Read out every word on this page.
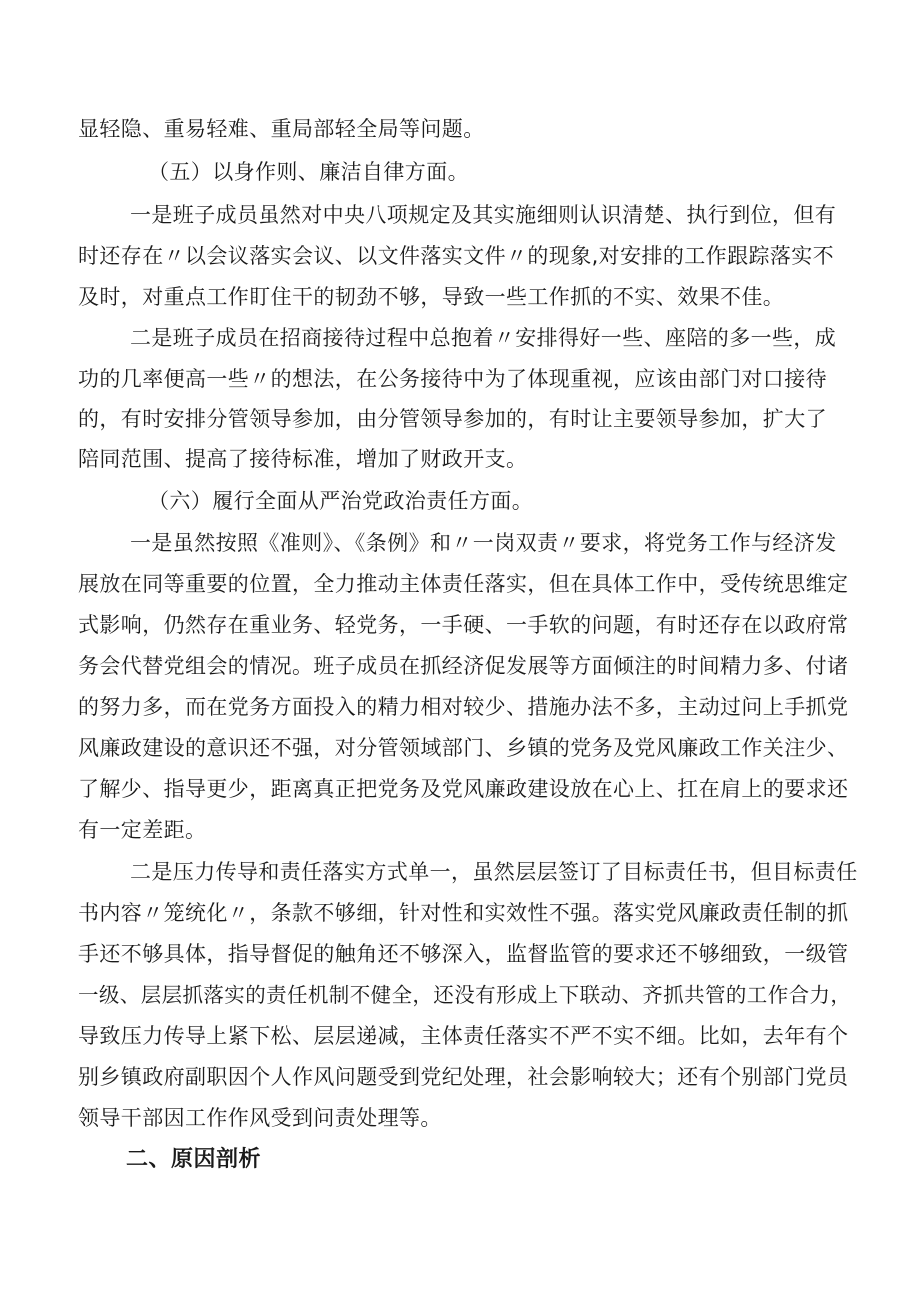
显轻隐、重易轻难、重局部轻全局等问题。
（五）以身作则、廉洁自律方面。
一是班子成员虽然对中央八项规定及其实施细则认识清楚、执行到位，但有
时还存在〃以会议落实会议、以文件落实文件〃的现象,对安排的工作跟踪落实不
及时，对重点工作盯住干的韧劲不够，导致一些工作抓的不实、效果不佳。
二是班子成员在招商接待过程中总抱着〃安排得好一些、座陪的多一些，成
功的几率便高一些〃的想法，在公务接待中为了体现重视，应该由部门对口接待
的，有时安排分管领导参加，由分管领导参加的，有时让主要领导参加，扩大了
陪同范围、提高了接待标准，增加了财政开支。
（六）履行全面从严治党政治责任方面。
一是虽然按照《准则》、《条例》和〃一岗双责〃要求，将党务工作与经济发
展放在同等重要的位置，全力推动主体责任落实，但在具体工作中，受传统思维定
式影响，仍然存在重业务、轻党务，一手硬、一手软的问题，有时还存在以政府常
务会代替党组会的情况。班子成员在抓经济促发展等方面倾注的时间精力多、付诸
的努力多，而在党务方面投入的精力相对较少、措施办法不多，主动过问上手抓党
风廉政建设的意识还不强，对分管领域部门、乡镇的党务及党风廉政工作关注少、
了解少、指导更少，距离真正把党务及党风廉政建设放在心上、扛在肩上的要求还
有一定差距。
二是压力传导和责任落实方式单一，虽然层层签订了目标责任书，但目标责任
书内容〃笼统化〃，条款不够细，针对性和实效性不强。落实党风廉政责任制的抓
手还不够具体，指导督促的触角还不够深入，监督监管的要求还不够细致，一级管
一级、层层抓落实的责任机制不健全，还没有形成上下联动、齐抓共管的工作合力，
导致压力传导上紧下松、层层递减，主体责任落实不严不实不细。比如，去年有个
别乡镇政府副职因个人作风问题受到党纪处理，社会影响较大；还有个别部门党员
领导干部因工作作风受到问责处理等。
二、原因剖析
